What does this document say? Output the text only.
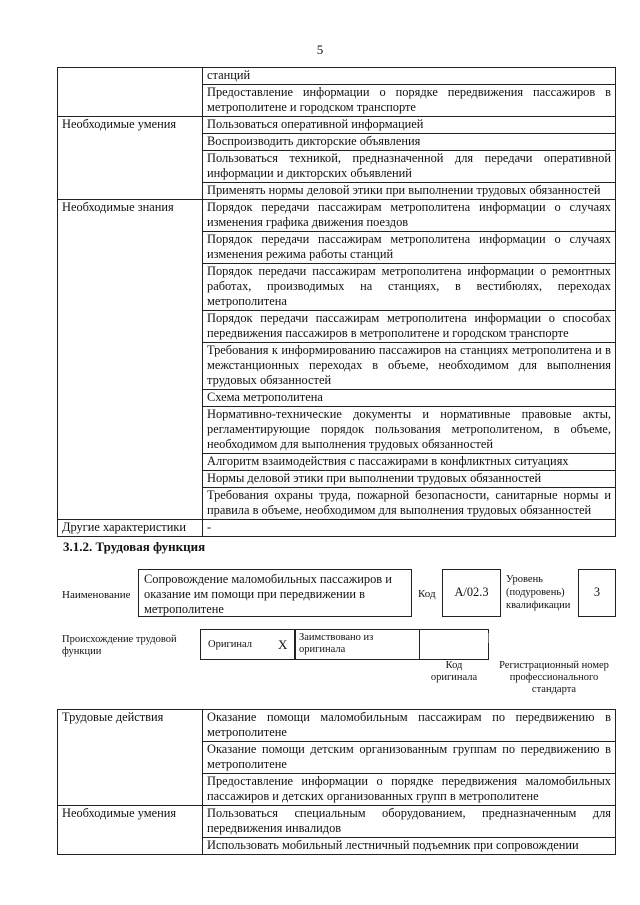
5
	станций
	Предоставление информации о порядке передвижения пассажиров в метрополитене и городском транспорте
Необходимые умения	Пользоваться оперативной информацией
	Воспроизводить дикторские объявления
	Пользоваться техникой, предназначенной для передачи оперативной информации и дикторских объявлений
	Применять нормы деловой этики при выполнении трудовых обязанностей
Необходимые знания	Порядок передачи пассажирам метрополитена информации о случаях изменения графика движения поездов
	Порядок передачи пассажирам метрополитена информации о случаях изменения режима работы станций
	Порядок передачи пассажирам метрополитена информации о ремонтных работах, производимых на станциях, в вестибюлях, переходах метрополитена
	Порядок передачи пассажирам метрополитена информации о способах передвижения пассажиров в метрополитене и городском транспорте
	Требования к информированию пассажиров на станциях метрополитена и в межстанционных переходах в объеме, необходимом для выполнения трудовых обязанностей
	Схема метрополитена
	Нормативно-технические документы и нормативные правовые акты, регламентирующие порядок пользования метрополитеном, в объеме, необходимом для выполнения трудовых обязанностей
	Алгоритм взаимодействия с пассажирами в конфликтных ситуациях
	Нормы деловой этики при выполнении трудовых обязанностей
	Требования охраны труда, пожарной безопасности, санитарные нормы и правила в объеме, необходимом для выполнения трудовых обязанностей
Другие характеристики	-
3.1.2. Трудовая функция
Наименование
Сопровождение маломобильных пассажиров и оказание им помощи при передвижении в метрополитене
Код	А/02.3
Уровень (подуровень) квалификации
3
Происхождение трудовой функции
Оригинал X	Заимствовано из оригинала
Код оригинала
Регистрационный номер профессионального стандарта
Трудовые действия	Оказание помощи маломобильным пассажирам по передвижению в метрополитене
	Оказание помощи детским организованным группам по передвижению в метрополитене
	Предоставление информации о порядке передвижения маломобильных пассажиров и детских организованных групп в метрополитене
Необходимые умения	Пользоваться специальным оборудованием, предназначенным для передвижения инвалидов
	Использовать мобильный лестничный подъемник при сопровождении
